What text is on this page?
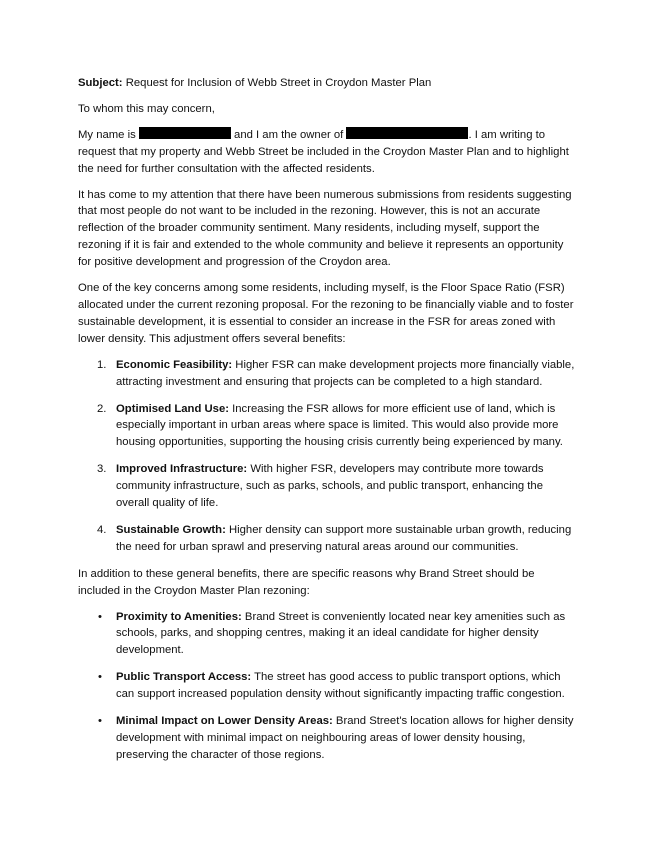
Subject: Request for Inclusion of Webb Street in Croydon Master Plan

To whom this may concern,

My name is	and I am the owner of	. I am writing to request that my property and Webb Street be included in the Croydon Master Plan and to highlight the need for further consultation with the affected residents.

It has come to my attention that there have been numerous submissions from residents suggesting that most people do not want to be included in the rezoning. However, this is not an accurate reflection of the broader community sentiment. Many residents, including myself, support the rezoning if it is fair and extended to the whole community and believe it represents an opportunity for positive development and progression of the Croydon area.

One of the key concerns among some residents, including myself, is the Floor Space Ratio (FSR) allocated under the current rezoning proposal. For the rezoning to be financially viable and to foster sustainable development, it is essential to consider an increase in the FSR for areas zoned with lower density. This adjustment offers several benefits:

1. Economic Feasibility: Higher FSR can make development projects more financially viable, attracting investment and ensuring that projects can be completed to a high standard.
2. Optimised Land Use: Increasing the FSR allows for more efficient use of land, which is especially important in urban areas where space is limited. This would also provide more housing opportunities, supporting the housing crisis currently being experienced by many.
3. Improved Infrastructure: With higher FSR, developers may contribute more towards community infrastructure, such as parks, schools, and public transport, enhancing the overall quality of life.
4. Sustainable Growth: Higher density can support more sustainable urban growth, reducing the need for urban sprawl and preserving natural areas around our communities.

In addition to these general benefits, there are specific reasons why Brand Street should be included in the Croydon Master Plan rezoning:

• Proximity to Amenities: Brand Street is conveniently located near key amenities such as schools, parks, and shopping centres, making it an ideal candidate for higher density development.
• Public Transport Access: The street has good access to public transport options, which can support increased population density without significantly impacting traffic congestion.
• Minimal Impact on Lower Density Areas: Brand Street's location allows for higher density development with minimal impact on neighbouring areas of lower density housing, preserving the character of those regions.
